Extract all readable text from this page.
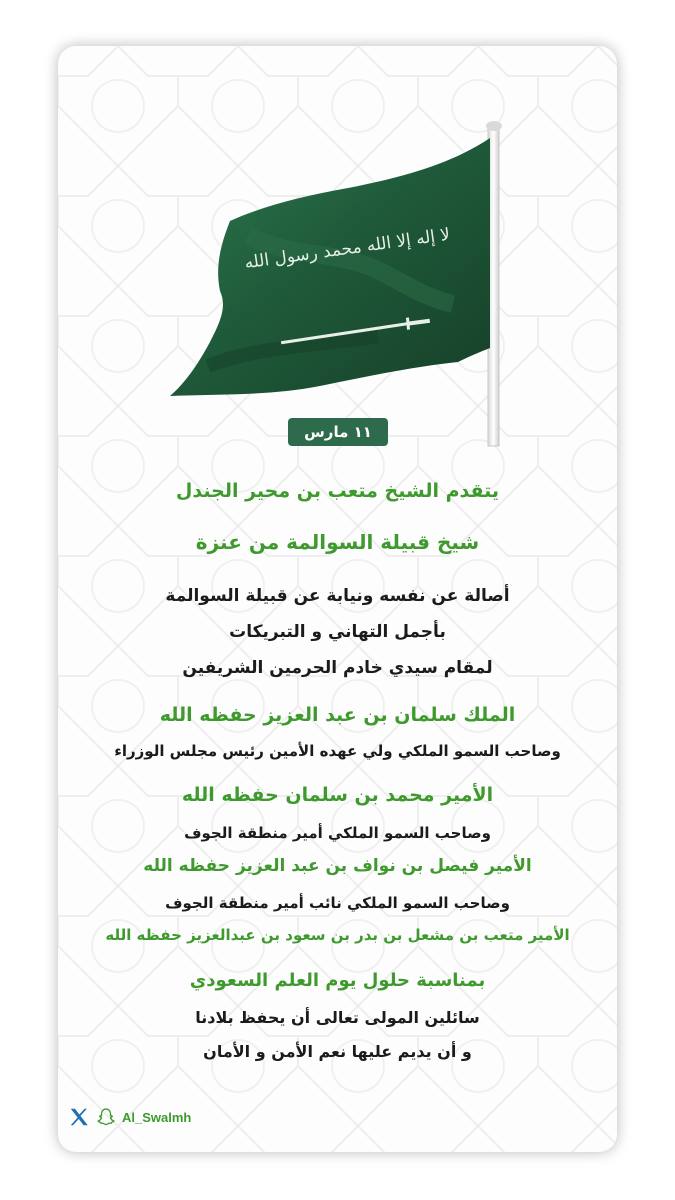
لا إله إلا الله محمد رسول الله
١١ مارس
يتقدم الشيخ متعب بن محير الجندل
شيخ قبيلة السوالمة من عنزة
أصالة عن نفسه ونيابة عن قبيلة السوالمة
بأجمل التهاني و التبريكات
لمقام سيدي خادم الحرمين الشريفين
الملك سلمان بن عبد العزيز حفظه الله
وصاحب السمو الملكي ولي عهده الأمين رئيس مجلس الوزراء
الأمير محمد بن سلمان حفظه الله
وصاحب السمو الملكي أمير منطقة الجوف
الأمير فيصل بن نواف بن عبد العزيز حفظه الله
وصاحب السمو الملكي نائب أمير منطقة الجوف
الأمير متعب بن مشعل بن بدر بن سعود بن عبدالعزيز حفظه الله
بمناسبة حلول يوم العلم السعودي
سائلين المولى تعالى أن يحفظ بلادنا
و أن يديم عليها نعم الأمن و الأمان
Al_Swalmh
